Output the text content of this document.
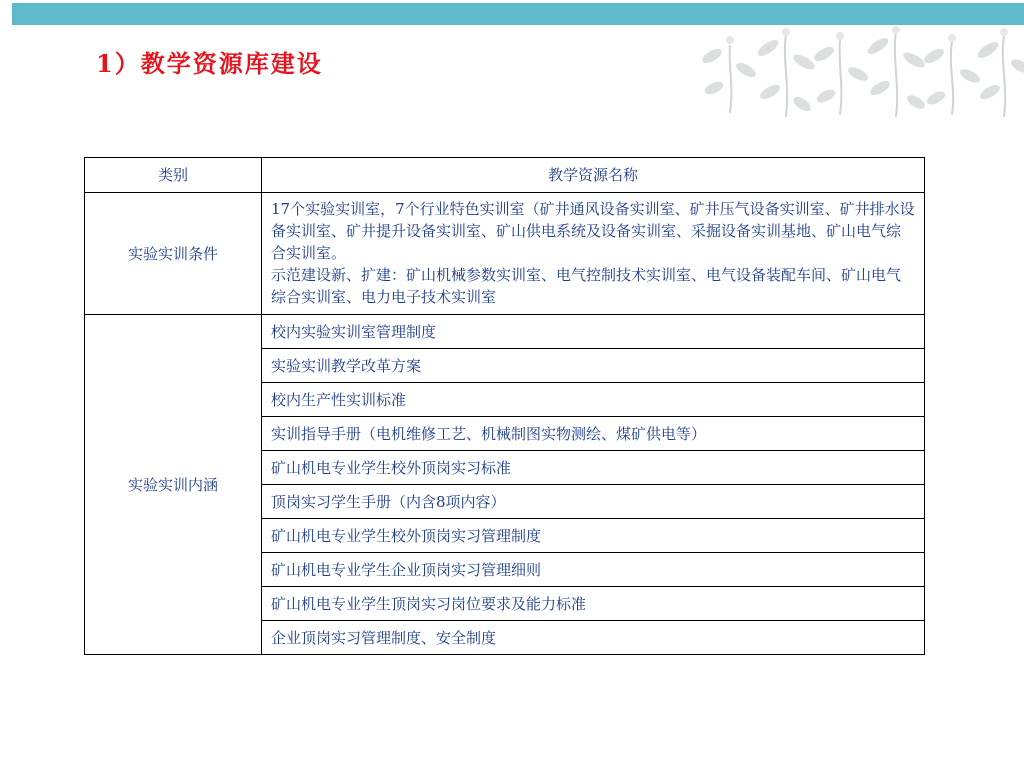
1）教学资源库建设
类别	教学资源名称
实验实训条件	17个实验实训室，7个行业特色实训室（矿井通风设备实训室、矿井压气设备实训室、矿井排水设备实训室、矿井提升设备实训室、矿山供电系统及设备实训室、采掘设备实训基地、矿山电气综合实训室。

示范建设新、扩建：矿山机械参数实训室、电气控制技术实训室、电气设备装配车间、矿山电气综合实训室、电力电子技术实训室

实验实训内涵	校内实验实训室管理制度
	实验实训教学改革方案
	校内生产性实训标准
	实训指导手册（电机维修工艺、机械制图实物测绘、煤矿供电等）
	矿山机电专业学生校外顶岗实习标准
	顶岗实习学生手册（内含8项内容）
	矿山机电专业学生校外顶岗实习管理制度
	矿山机电专业学生企业顶岗实习管理细则
	矿山机电专业学生顶岗实习岗位要求及能力标准
	企业顶岗实习管理制度、安全制度
